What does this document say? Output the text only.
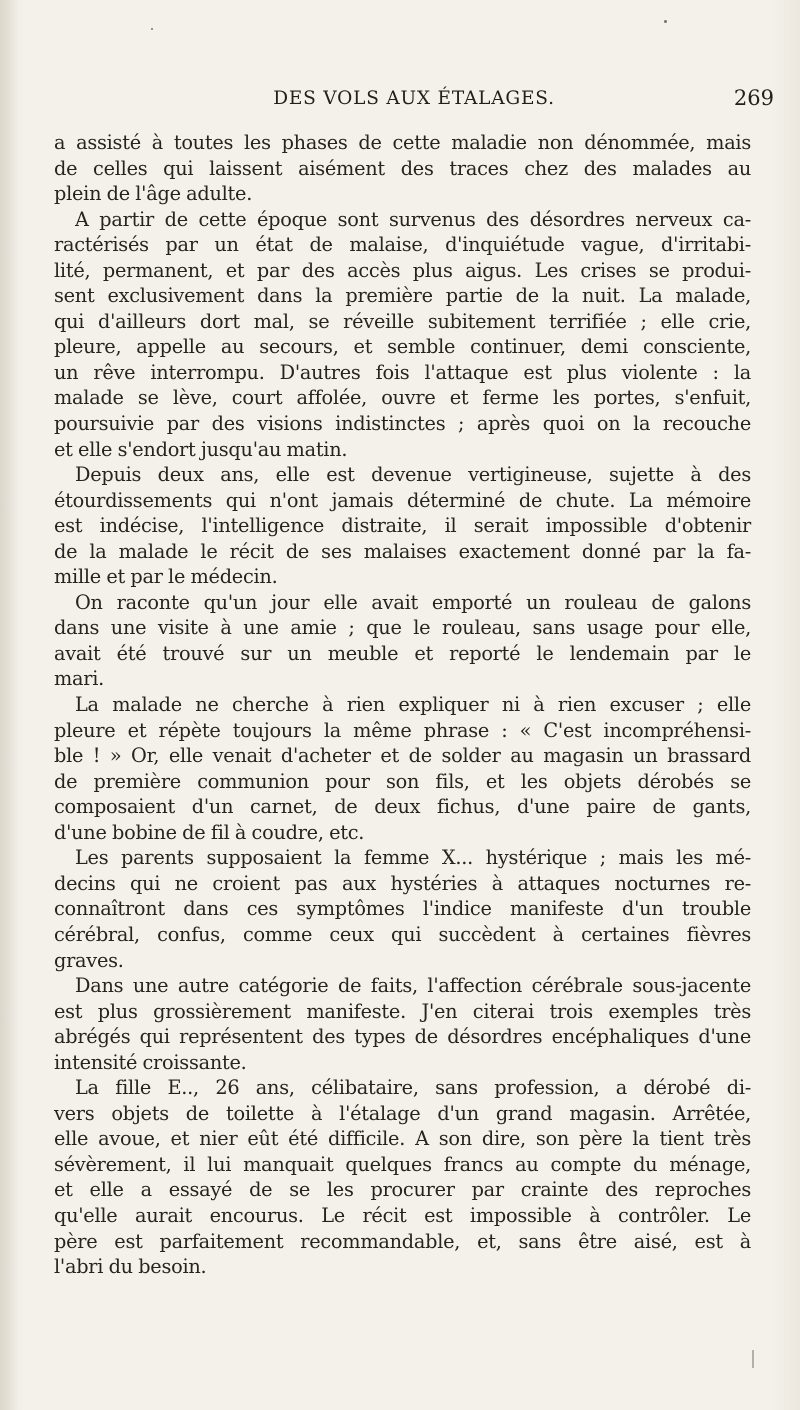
DES VOLS AUX ÉTALAGES.	269
a assisté à toutes les phases de cette maladie non dénommée, mais
de celles qui laissent aisément des traces chez des malades au
plein de l'âge adulte.
A partir de cette époque sont survenus des désordres nerveux ca-
ractérisés par un état de malaise, d'inquiétude vague, d'irritabi-
lité, permanent, et par des accès plus aigus. Les crises se produi-
sent exclusivement dans la première partie de la nuit. La malade,
qui d'ailleurs dort mal, se réveille subitement terrifiée ; elle crie,
pleure, appelle au secours, et semble continuer, demi consciente,
un rêve interrompu. D'autres fois l'attaque est plus violente : la
malade se lève, court affolée, ouvre et ferme les portes, s'enfuit,
poursuivie par des visions indistinctes ; après quoi on la recouche
et elle s'endort jusqu'au matin.
Depuis deux ans, elle est devenue vertigineuse, sujette à des
étourdissements qui n'ont jamais déterminé de chute. La mémoire
est indécise, l'intelligence distraite, il serait impossible d'obtenir
de la malade le récit de ses malaises exactement donné par la fa-
mille et par le médecin.
On raconte qu'un jour elle avait emporté un rouleau de galons
dans une visite à une amie ; que le rouleau, sans usage pour elle,
avait été trouvé sur un meuble et reporté le lendemain par le
mari.
La malade ne cherche à rien expliquer ni à rien excuser ; elle
pleure et répète toujours la même phrase : « C'est incompréhensi-
ble ! » Or, elle venait d'acheter et de solder au magasin un brassard
de première communion pour son fils, et les objets dérobés se
composaient d'un carnet, de deux fichus, d'une paire de gants,
d'une bobine de fil à coudre, etc.
Les parents supposaient la femme X... hystérique ; mais les mé-
decins qui ne croient pas aux hystéries à attaques nocturnes re-
connaîtront dans ces symptômes l'indice manifeste d'un trouble
cérébral, confus, comme ceux qui succèdent à certaines fièvres
graves.
Dans une autre catégorie de faits, l'affection cérébrale sous-jacente
est plus grossièrement manifeste. J'en citerai trois exemples très
abrégés qui représentent des types de désordres encéphaliques d'une
intensité croissante.
La fille E.., 26 ans, célibataire, sans profession, a dérobé di-
vers objets de toilette à l'étalage d'un grand magasin. Arrêtée,
elle avoue, et nier eût été difficile. A son dire, son père la tient très
sévèrement, il lui manquait quelques francs au compte du ménage,
et elle a essayé de se les procurer par crainte des reproches
qu'elle aurait encourus. Le récit est impossible à contrôler. Le
père est parfaitement recommandable, et, sans être aisé, est à
l'abri du besoin.
